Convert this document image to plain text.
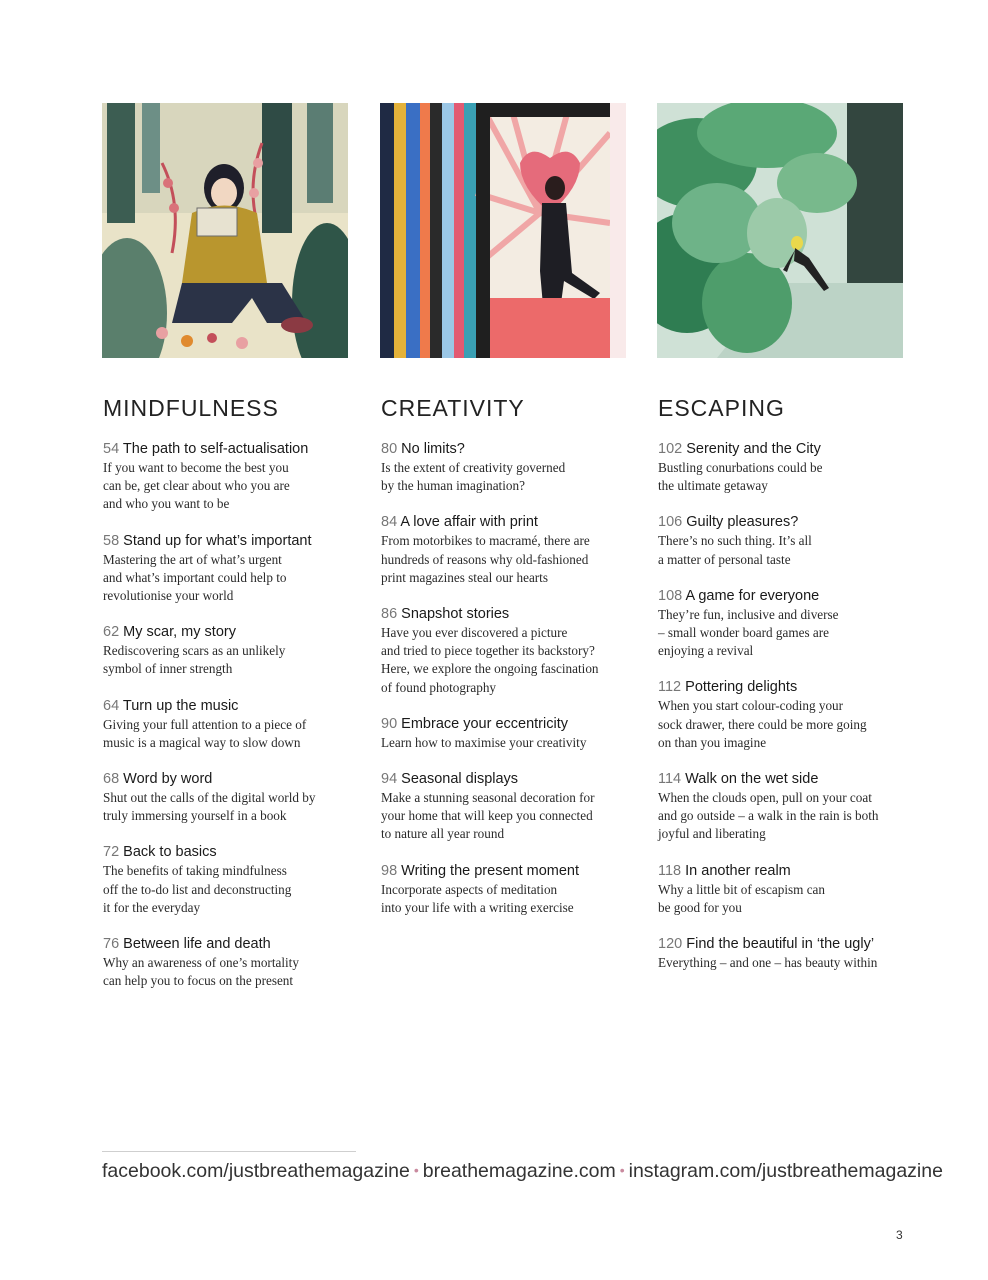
MINDFULNESS
54 The path to self-actualisation
If you want to become the best you
can be, get clear about who you are
and who you want to be
58 Stand up for what’s important
Mastering the art of what’s urgent
and what’s important could help to
revolutionise your world
62 My scar, my story
Rediscovering scars as an unlikely
symbol of inner strength
64 Turn up the music
Giving your full attention to a piece of
music is a magical way to slow down
68 Word by word
Shut out the calls of the digital world by
truly immersing yourself in a book
72 Back to basics
The benefits of taking mindfulness
off the to-do list and deconstructing
it for the everyday
76 Between life and death
Why an awareness of one’s mortality
can help you to focus on the present
CREATIVITY
80 No limits?
Is the extent of creativity governed
by the human imagination?
84 A love affair with print
From motorbikes to macramé, there are
hundreds of reasons why old-fashioned
print magazines steal our hearts
86 Snapshot stories
Have you ever discovered a picture
and tried to piece together its backstory?
Here, we explore the ongoing fascination
of found photography
90 Embrace your eccentricity
Learn how to maximise your creativity
94 Seasonal displays
Make a stunning seasonal decoration for
your home that will keep you connected
to nature all year round
98 Writing the present moment
Incorporate aspects of meditation
into your life with a writing exercise
ESCAPING
102 Serenity and the City
Bustling conurbations could be
the ultimate getaway
106 Guilty pleasures?
There’s no such thing. It’s all
a matter of personal taste
108 A game for everyone
They’re fun, inclusive and diverse
– small wonder board games are
enjoying a revival
112 Pottering delights
When you start colour-coding your
sock drawer, there could be more going
on than you imagine
114 Walk on the wet side
When the clouds open, pull on your coat
and go outside – a walk in the rain is both
joyful and liberating
118 In another realm
Why a little bit of escapism can
be good for you
120 Find the beautiful in ‘the ugly’
Everything – and one – has beauty within
facebook.com/justbreathemagazine • breathemagazine.com • instagram.com/justbreathemagazine
3
